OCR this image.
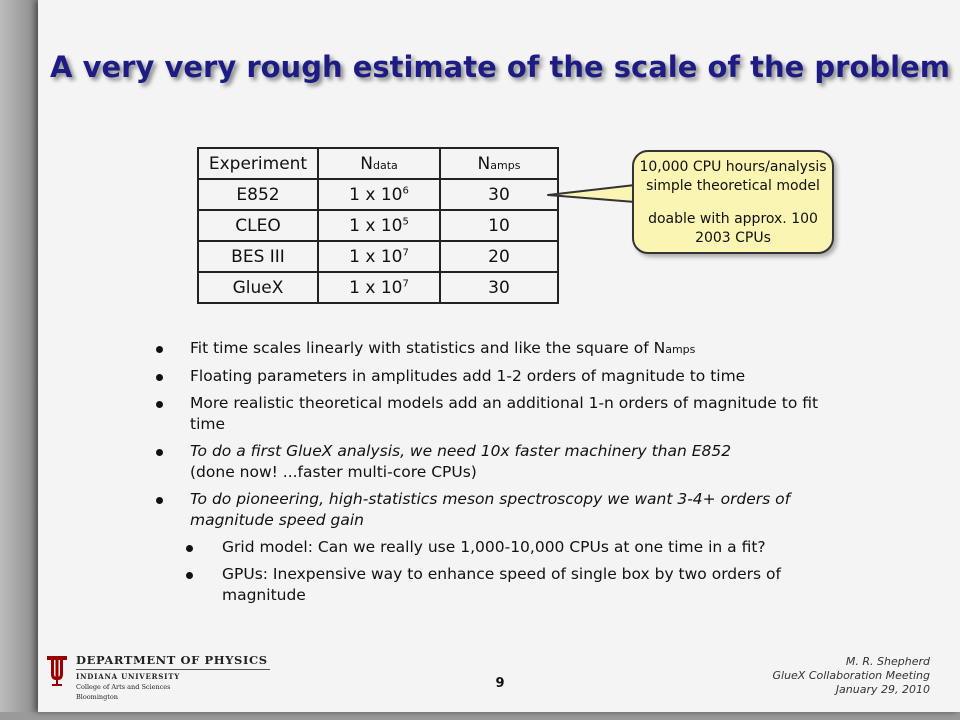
A very very rough estimate of the scale of the problem
Experiment	Ndata	Namps
E852	1 x $10^6$	30
CLEO	1 x $10^5$	10
BES III	1 x $10^7$	20
GlueX	1 x $10^7$	30
10,000 CPU hours/analysis
simple theoretical model
doable with approx. 100
2003 CPUs
Fit time scales linearly with statistics and like the square of Namps
Floating parameters in amplitudes add 1-2 orders of magnitude to time
More realistic theoretical models add an additional 1-n orders of magnitude to fit time
To do a first GlueX analysis, we need 10x faster machinery than E852
(done now! ...faster multi-core CPUs)
To do pioneering, high-statistics meson spectroscopy we want 3-4+ orders of magnitude speed gain
Grid model: Can we really use 1,000-10,000 CPUs at one time in a fit?
GPUs: Inexpensive way to enhance speed of single box by two orders of magnitude
DEPARTMENT OF PHYSICS
INDIANA UNIVERSITY
College of Arts and Sciences
Bloomington
9
M. R. Shepherd
GlueX Collaboration Meeting
January 29, 2010
